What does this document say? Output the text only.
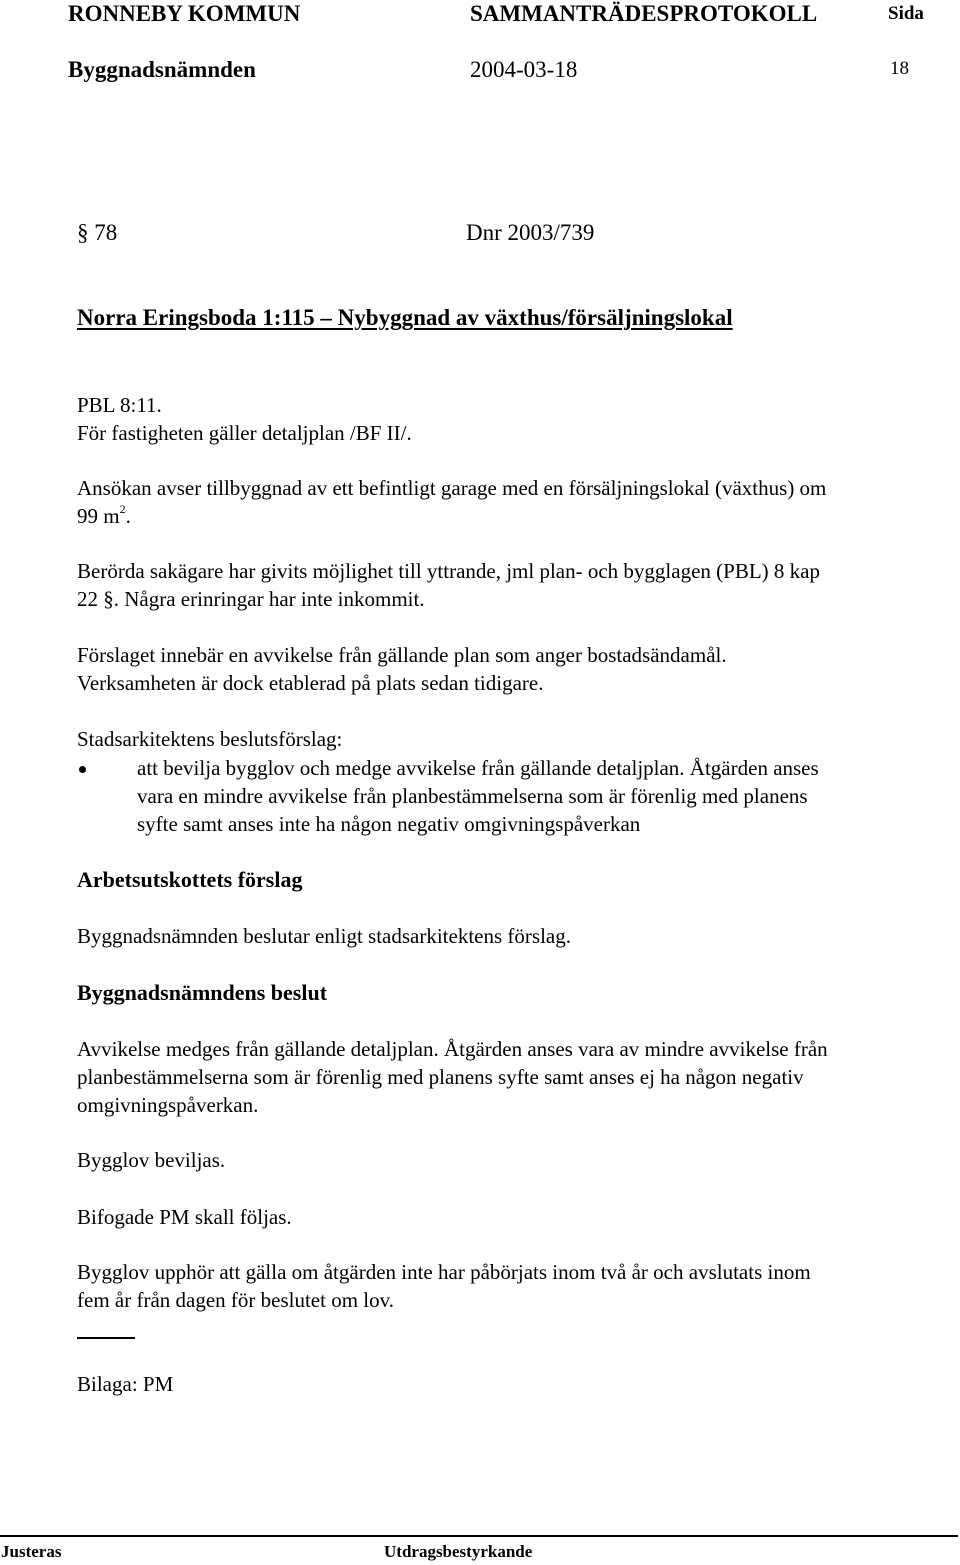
RONNEBY KOMMUN	SAMMANTRÄDESPROTOKOLL	Sida
Byggnadsnämnden	2004-03-18	18
§ 78	Dnr 2003/739
Norra Eringsboda 1:115 – Nybyggnad av växthus/försäljningslokal
PBL 8:11.
För fastigheten gäller detaljplan /BF II/.
Ansökan avser tillbyggnad av ett befintligt garage med en försäljningslokal (växthus) om
99 $m^2$.
Berörda sakägare har givits möjlighet till yttrande, jml plan- och bygglagen (PBL) 8 kap
22 §. Några erinringar har inte inkommit.
Förslaget innebär en avvikelse från gällande plan som anger bostadsändamål.
Verksamheten är dock etablerad på plats sedan tidigare.
Stadsarkitektens beslutsförslag:
att bevilja bygglov och medge avvikelse från gällande detaljplan. Åtgärden anses
vara en mindre avvikelse från planbestämmelserna som är förenlig med planens
syfte samt anses inte ha någon negativ omgivningspåverkan
Arbetsutskottets förslag
Byggnadsnämnden beslutar enligt stadsarkitektens förslag.
Byggnadsnämndens beslut
Avvikelse medges från gällande detaljplan. Åtgärden anses vara av mindre avvikelse från
planbestämmelserna som är förenlig med planens syfte samt anses ej ha någon negativ
omgivningspåverkan.
Bygglov beviljas.
Bifogade PM skall följas.
Bygglov upphör att gälla om åtgärden inte har påbörjats inom två år och avslutats inom
fem år från dagen för beslutet om lov.
Bilaga: PM
Justeras	Utdragsbestyrkande
